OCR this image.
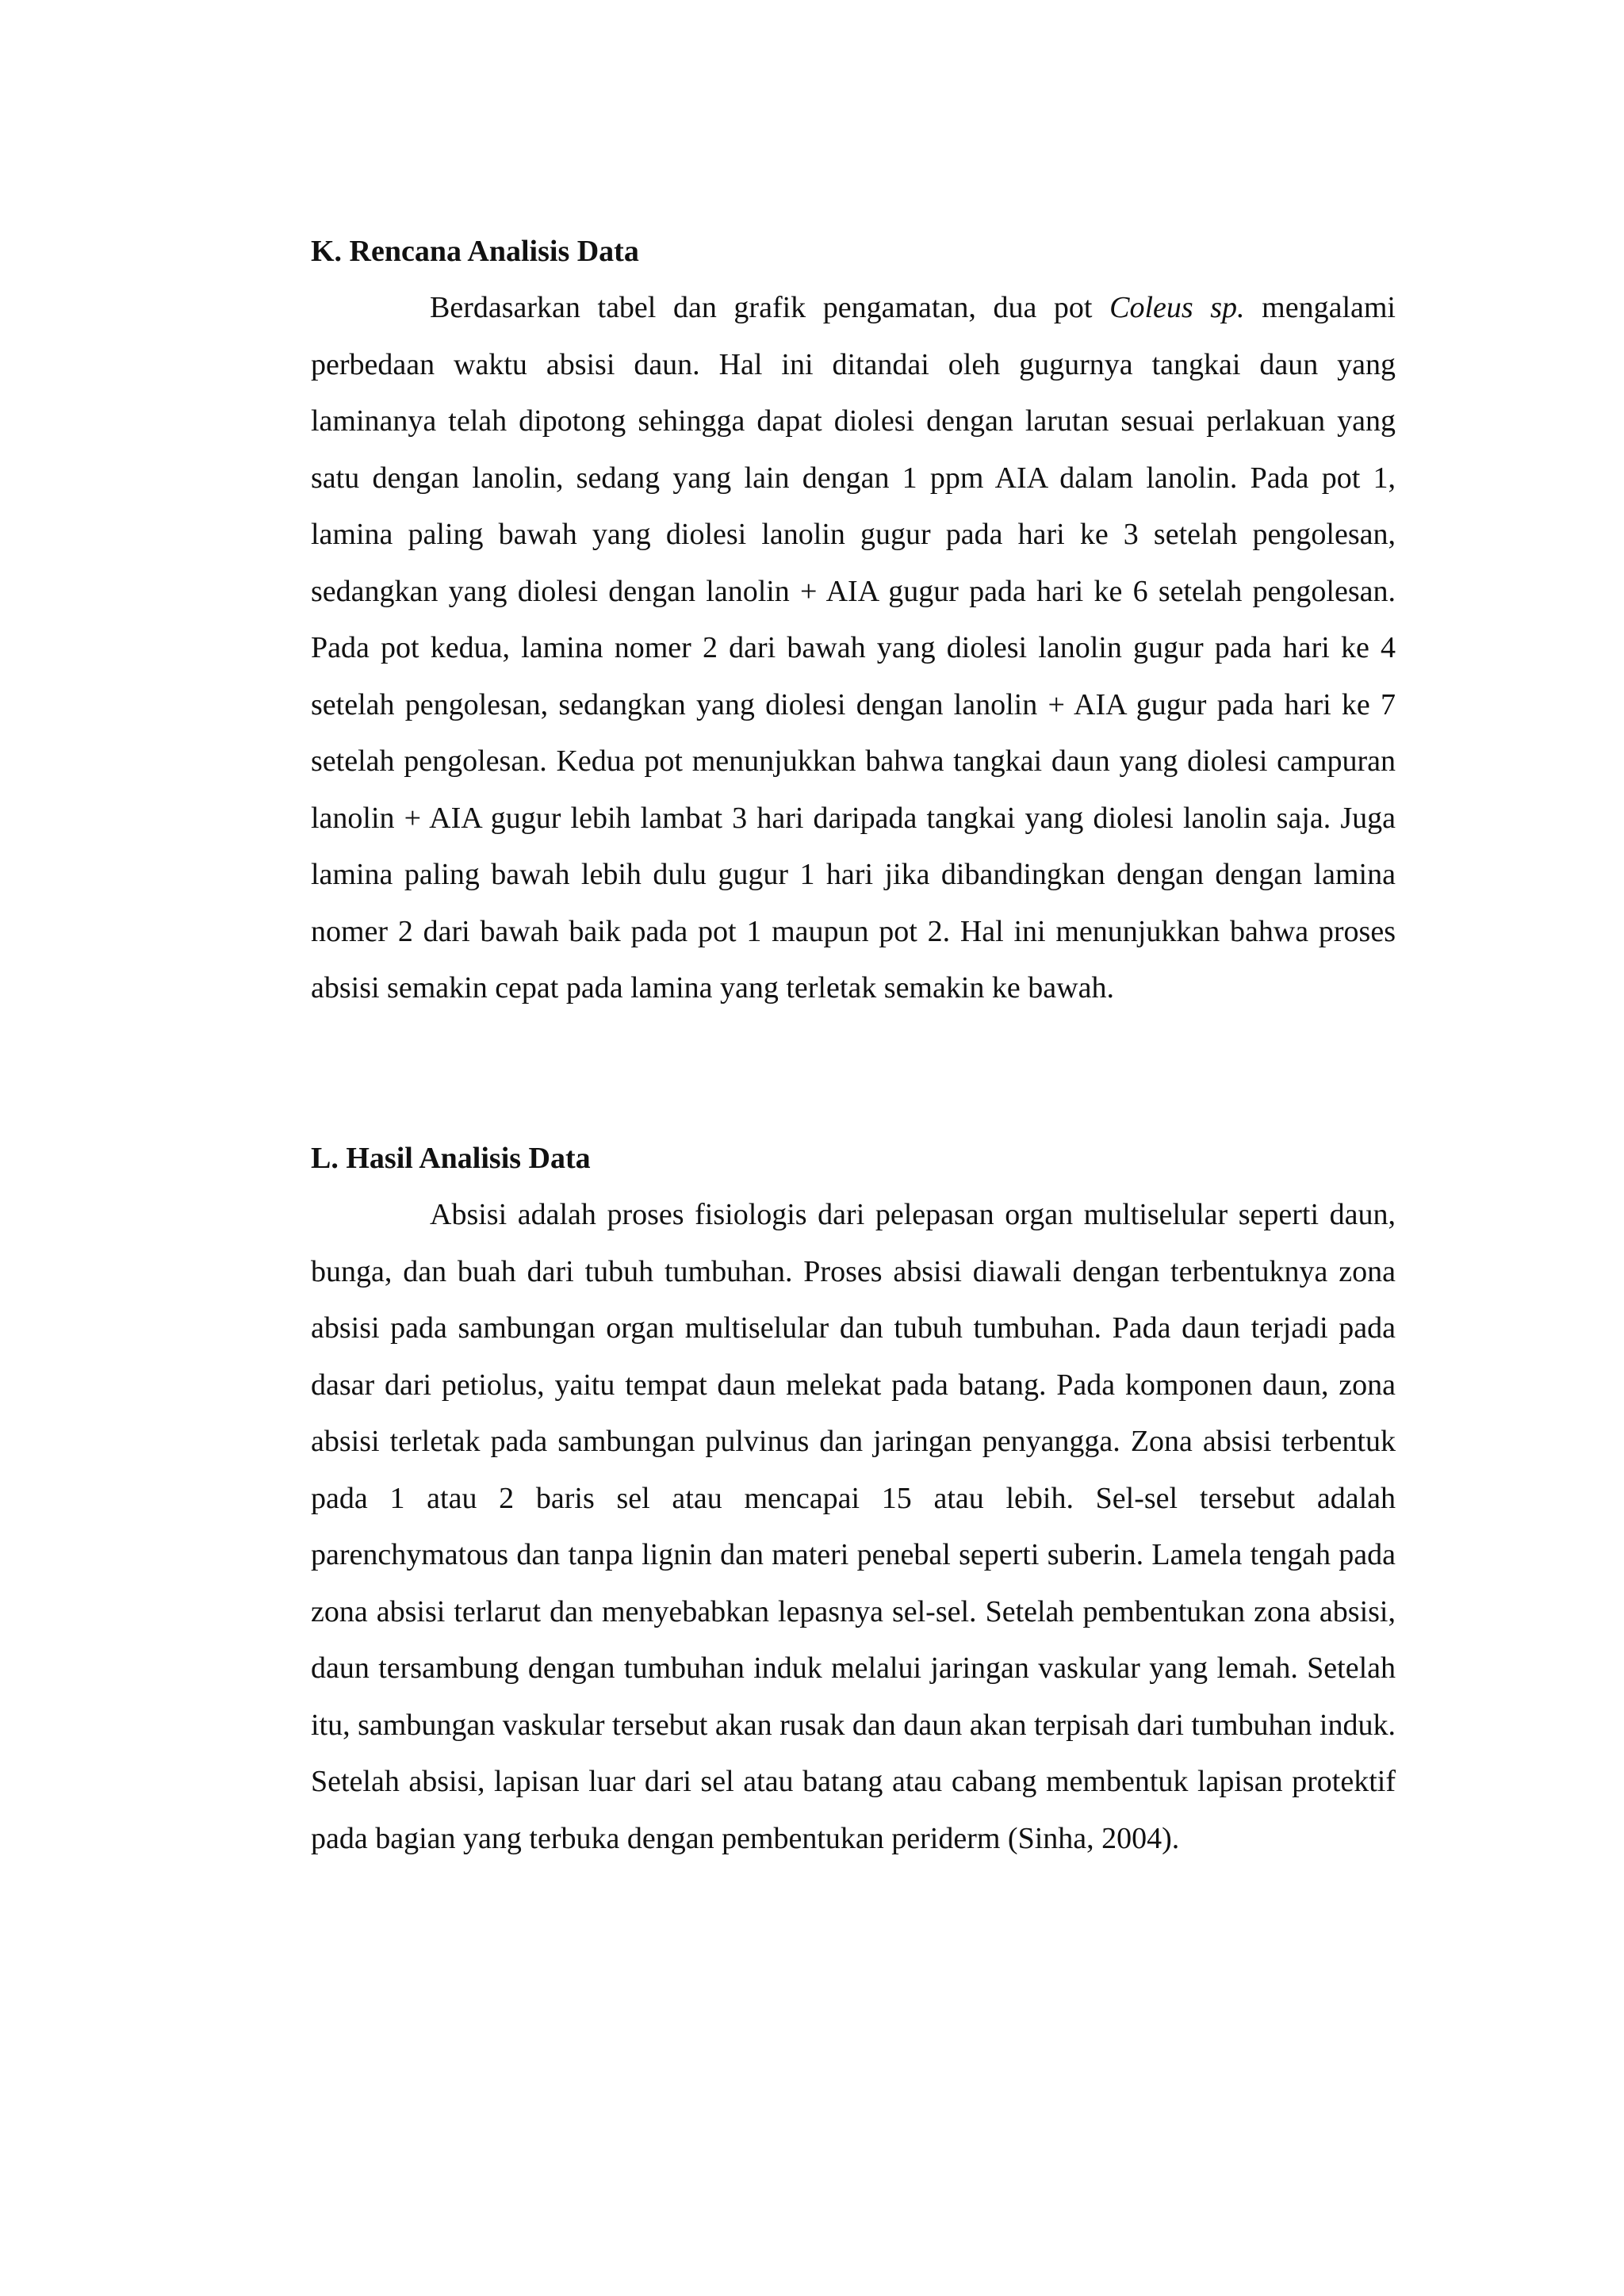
K. Rencana Analisis Data

Berdasarkan tabel dan grafik pengamatan, dua pot Coleus sp. mengalami perbedaan waktu absisi daun. Hal ini ditandai oleh gugurnya tangkai daun yang laminanya telah dipotong sehingga dapat diolesi dengan larutan sesuai perlakuan yang satu dengan lanolin, sedang yang lain dengan 1 ppm AIA dalam lanolin. Pada pot 1, lamina paling bawah yang diolesi lanolin gugur pada hari ke 3 setelah pengolesan, sedangkan yang diolesi dengan lanolin + AIA gugur pada hari ke 6 setelah pengolesan. Pada pot kedua, lamina nomer 2 dari bawah yang diolesi lanolin gugur pada hari ke 4 setelah pengolesan, sedangkan yang diolesi dengan lanolin + AIA gugur pada hari ke 7 setelah pengolesan. Kedua pot menunjukkan bahwa tangkai daun yang diolesi campuran lanolin + AIA gugur lebih lambat 3 hari daripada tangkai yang diolesi lanolin saja. Juga lamina paling bawah lebih dulu gugur 1 hari jika dibandingkan dengan dengan lamina nomer 2 dari bawah baik pada pot 1 maupun pot 2. Hal ini menunjukkan bahwa proses absisi semakin cepat pada lamina yang terletak semakin ke bawah.

L. Hasil Analisis Data

Absisi adalah proses fisiologis dari pelepasan organ multiselular seperti daun, bunga, dan buah dari tubuh tumbuhan. Proses absisi diawali dengan terbentuknya zona absisi pada sambungan organ multiselular dan tubuh tumbuhan. Pada daun terjadi pada dasar dari petiolus, yaitu tempat daun melekat pada batang. Pada komponen daun, zona absisi terletak pada sambungan pulvinus dan jaringan penyangga. Zona absisi terbentuk pada 1 atau 2 baris sel atau mencapai 15 atau lebih. Sel-sel tersebut adalah parenchymatous dan tanpa lignin dan materi penebal seperti suberin. Lamela tengah pada zona absisi terlarut dan menyebabkan lepasnya sel-sel. Setelah pembentukan zona absisi, daun tersambung dengan tumbuhan induk melalui jaringan vaskular yang lemah. Setelah itu, sambungan vaskular tersebut akan rusak dan daun akan terpisah dari tumbuhan induk. Setelah absisi, lapisan luar dari sel atau batang atau cabang membentuk lapisan protektif pada bagian yang terbuka dengan pembentukan periderm (Sinha, 2004).
